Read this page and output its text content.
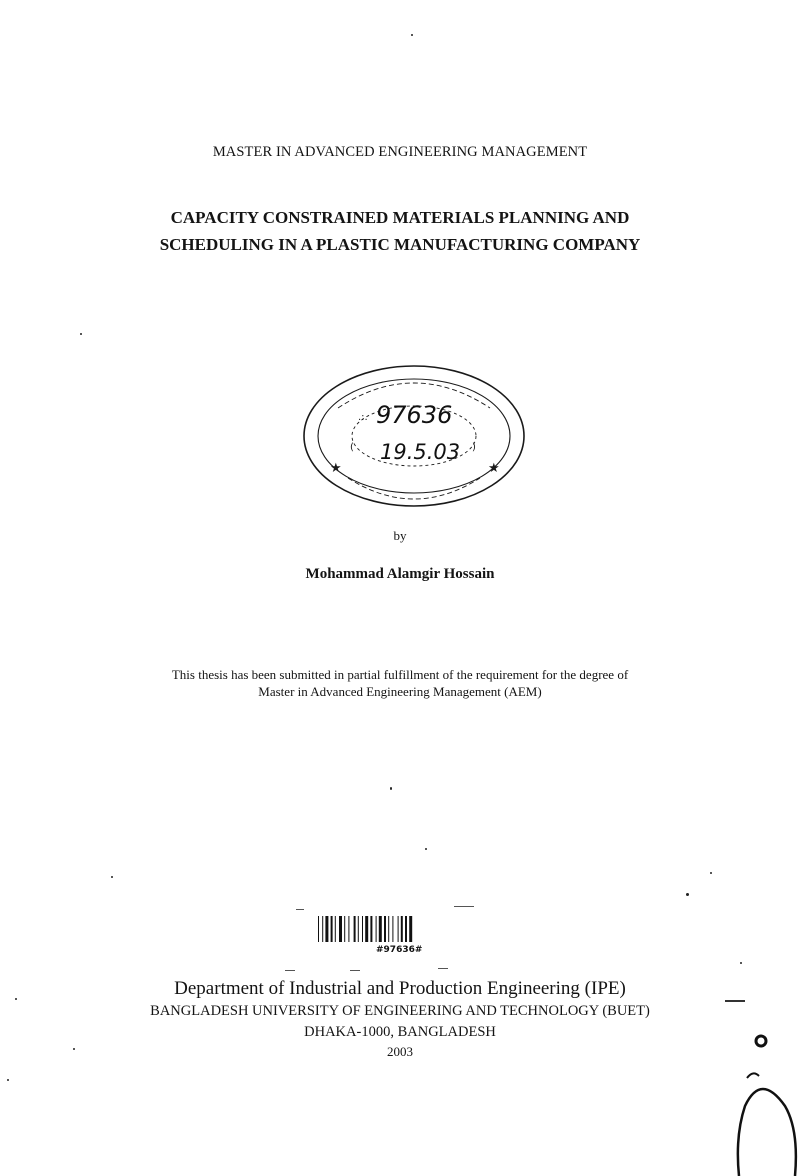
MASTER IN ADVANCED ENGINEERING MANAGEMENT
CAPACITY CONSTRAINED MATERIALS PLANNING AND
SCHEDULING IN A PLASTIC MANUFACTURING COMPANY
★	★
.:.
(	)
97636
19.5.03
by
Mohammad Alamgir Hossain
This thesis has been submitted in partial fulfillment of the requirement for the degree of
Master in Advanced Engineering Management (AEM)
#97636#
Department of Industrial and Production Engineering (IPE)
BANGLADESH UNIVERSITY OF ENGINEERING AND TECHNOLOGY (BUET)
DHAKA-1000, BANGLADESH
2003
